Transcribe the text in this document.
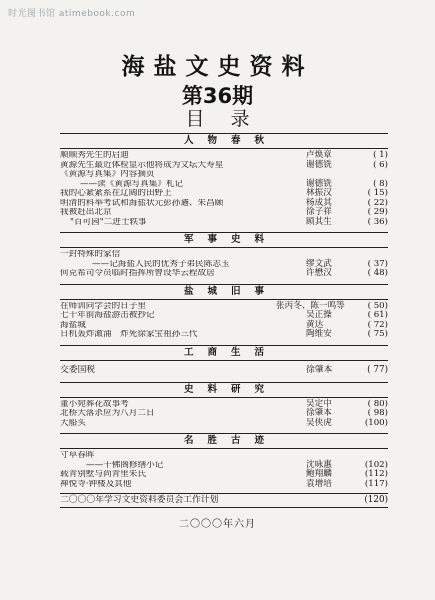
时光图书馆 atimebook.com
海盐文史资料
第36期
目录
人物春秋
顺顺秀先生的启迪	卢焕章	( 1)
黄源先生最近体检显示他将成为文坛大寿星	谢德铣	( 6)
《黄源写真集》内容摘页
——读《黄源写真集》札记	谢德铣	( 8)
我的心紧紧系在辽阔的田野上	林振汉	( 15)
明清的科举考试和海盐状元彭孙遹、朱昌颐	杨成其	( 22)
我被赶出北京	徐子祥	( 29)
"百可园"二进士轶事	顾其生	( 36)
军事史料
一封特殊的家信
——记海盐人民的优秀子弟民陈志玉	缪文武	( 37)
何克希司令员临时指挥所曾设华云程故居	许懋汉	( 48)
盐城旧事
在师训同学会的日子里	张丙冬、陈一鸣等	( 50)
七十年前海盐游击被抄记	吴正操	( 61)
海盐城	黄达	( 72)
日机轰炸澉浦　炸死徐家宝祖孙三代	陶维安	( 75)
工商生活
交委国税	徐肇本	( 77)
史料研究
董小宛葬花故事考	吴定中	( 80)
北桥大落杀应为八月二日	徐肇本	( 98)
大船头	吴侠虎	(100)
名胜古迹
寸草春晖
——千佛阁修缮小记	沈咏惠	(102)
载青别墅与尚青里朱氏	鲍翔麟	(112)
禅悦寺·钟楼及其他	袁增培	(117)
二〇〇〇年学习文史资料委员会工作计划	(120)
二〇〇〇年六月
